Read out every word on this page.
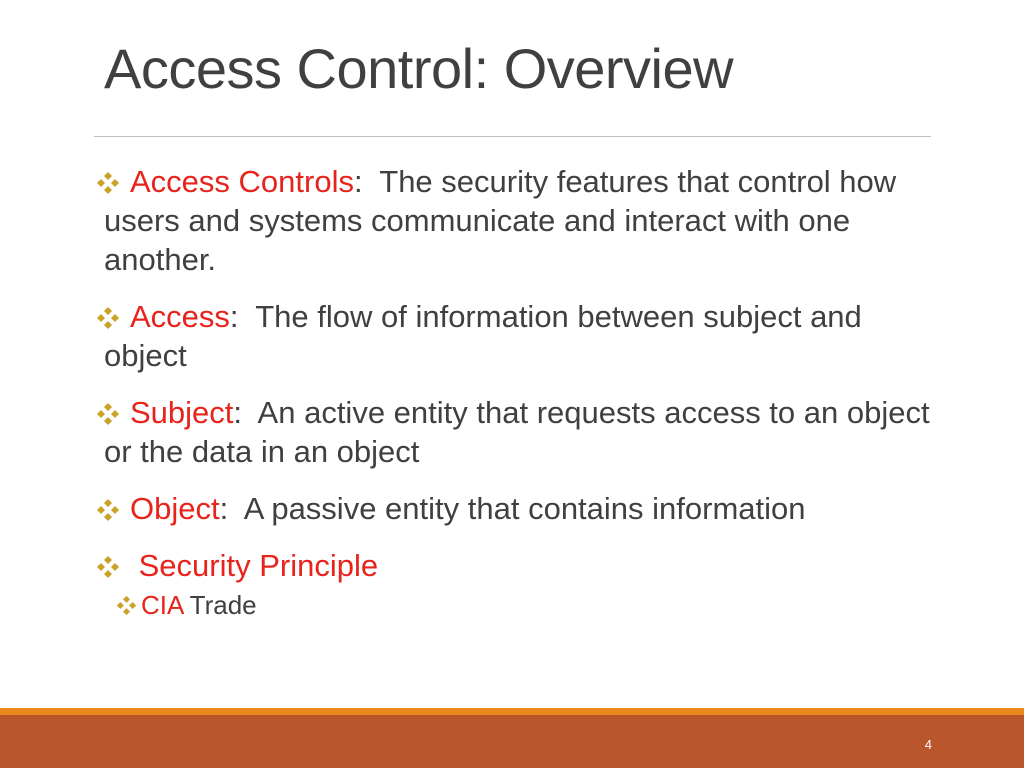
Access Control: Overview
Access Controls:  The security features that control how users and systems communicate and interact with one another.
Access:  The flow of information between subject and object
Subject:  An active entity that requests access to an object or the data in an object
Object:  A passive entity that contains information
Security Principle
CIA Trade
4
